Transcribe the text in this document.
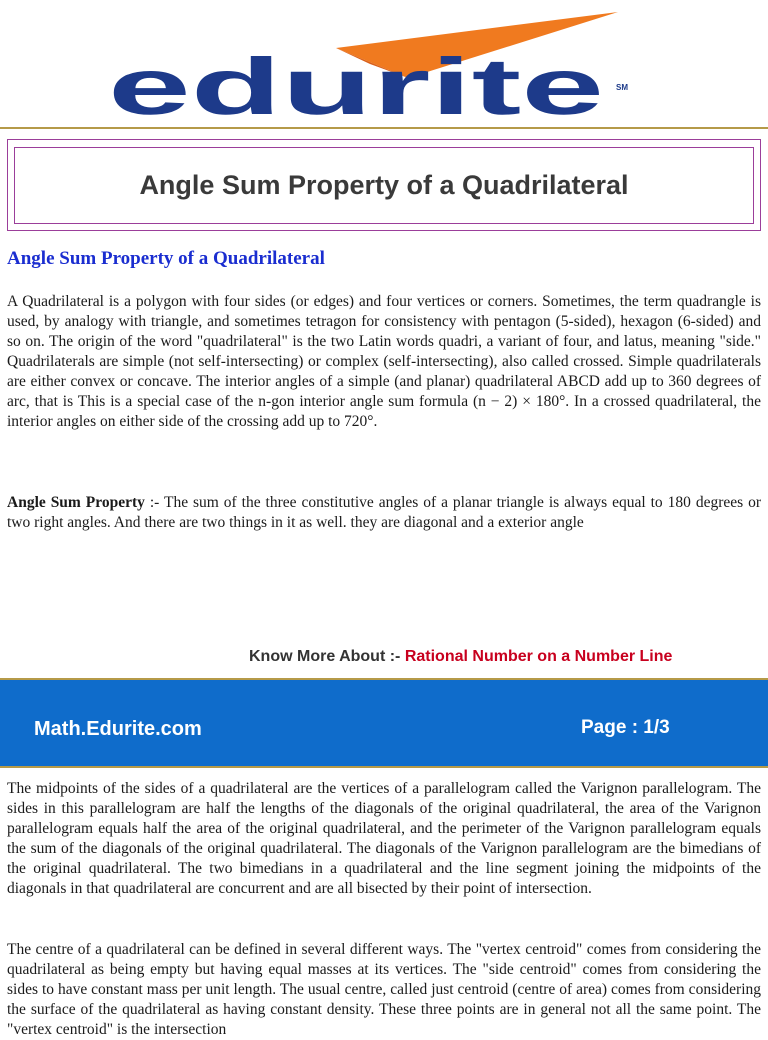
edurite SM
Angle Sum Property of a Quadrilateral
Angle Sum Property of a Quadrilateral

A Quadrilateral is a polygon with four sides (or edges) and four vertices or corners. Sometimes, the term quadrangle is used, by analogy with triangle, and sometimes tetragon for consistency with pentagon (5-sided), hexagon (6-sided) and so on. The origin of the word "quadrilateral" is the two Latin words quadri, a variant of four, and latus, meaning "side." Quadrilaterals are simple (not self-intersecting) or complex (self-intersecting), also called crossed. Simple quadrilaterals are either convex or concave. The interior angles of a simple (and planar) quadrilateral ABCD add up to 360 degrees of arc, that is This is a special case of the n-gon interior angle sum formula (n − 2) × 180°. In a crossed quadrilateral, the interior angles on either side of the crossing add up to 720°.

Angle Sum Property :- The sum of the three constitutive angles of a planar triangle is always equal to 180 degrees or two right angles. And there are two things in it as well. they are diagonal and a exterior angle

Know More About :- Rational Number on a Number Line
Math.Edurite.com	Page : 1/3

The midpoints of the sides of a quadrilateral are the vertices of a parallelogram called the Varignon parallelogram. The sides in this parallelogram are half the lengths of the diagonals of the original quadrilateral, the area of the Varignon parallelogram equals half the area of the original quadrilateral, and the perimeter of the Varignon parallelogram equals the sum of the diagonals of the original quadrilateral. The diagonals of the Varignon parallelogram are the bimedians of the original quadrilateral. The two bimedians in a quadrilateral and the line segment joining the midpoints of the diagonals in that quadrilateral are concurrent and are all bisected by their point of intersection.

The centre of a quadrilateral can be defined in several different ways. The "vertex centroid" comes from considering the quadrilateral as being empty but having equal masses at its vertices. The "side centroid" comes from considering the sides to have constant mass per unit length. The usual centre, called just centroid (centre of area) comes from considering the surface of the quadrilateral as having constant density. These three points are in general not all the same point. The "vertex centroid" is the intersection
